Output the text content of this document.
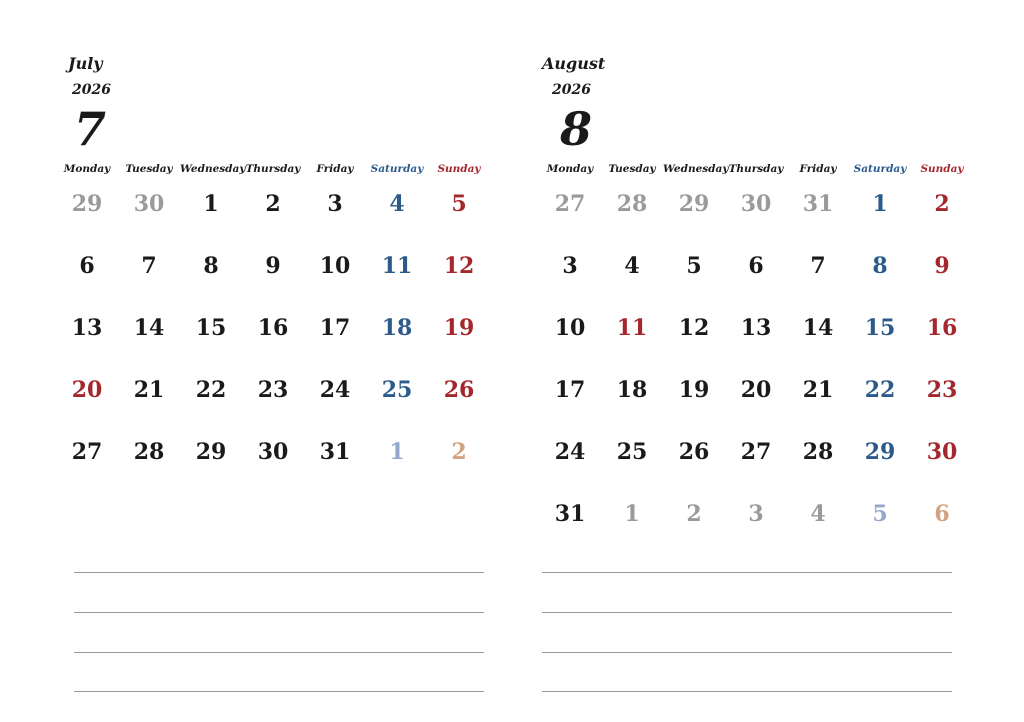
July
2026
7
Monday	Tuesday Wednesday Thursday	Friday	Saturday	Sunday
29	30	1	2	3	4	5
6	7	8	9	10	11	12
13	14	15	16	17	18	19
20	21	22	23	24	25	26
27	28	29	30	31	1	2
August
2026
8
Monday	Tuesday Wednesday Thursday	Friday	Saturday	Sunday
27	28	29	30	31	1	2
3	4	5	6	7	8	9
10	11	12	13	14	15	16
17	18	19	20	21	22	23
24	25	26	27	28	29	30
31	1	2	3	4	5	6
